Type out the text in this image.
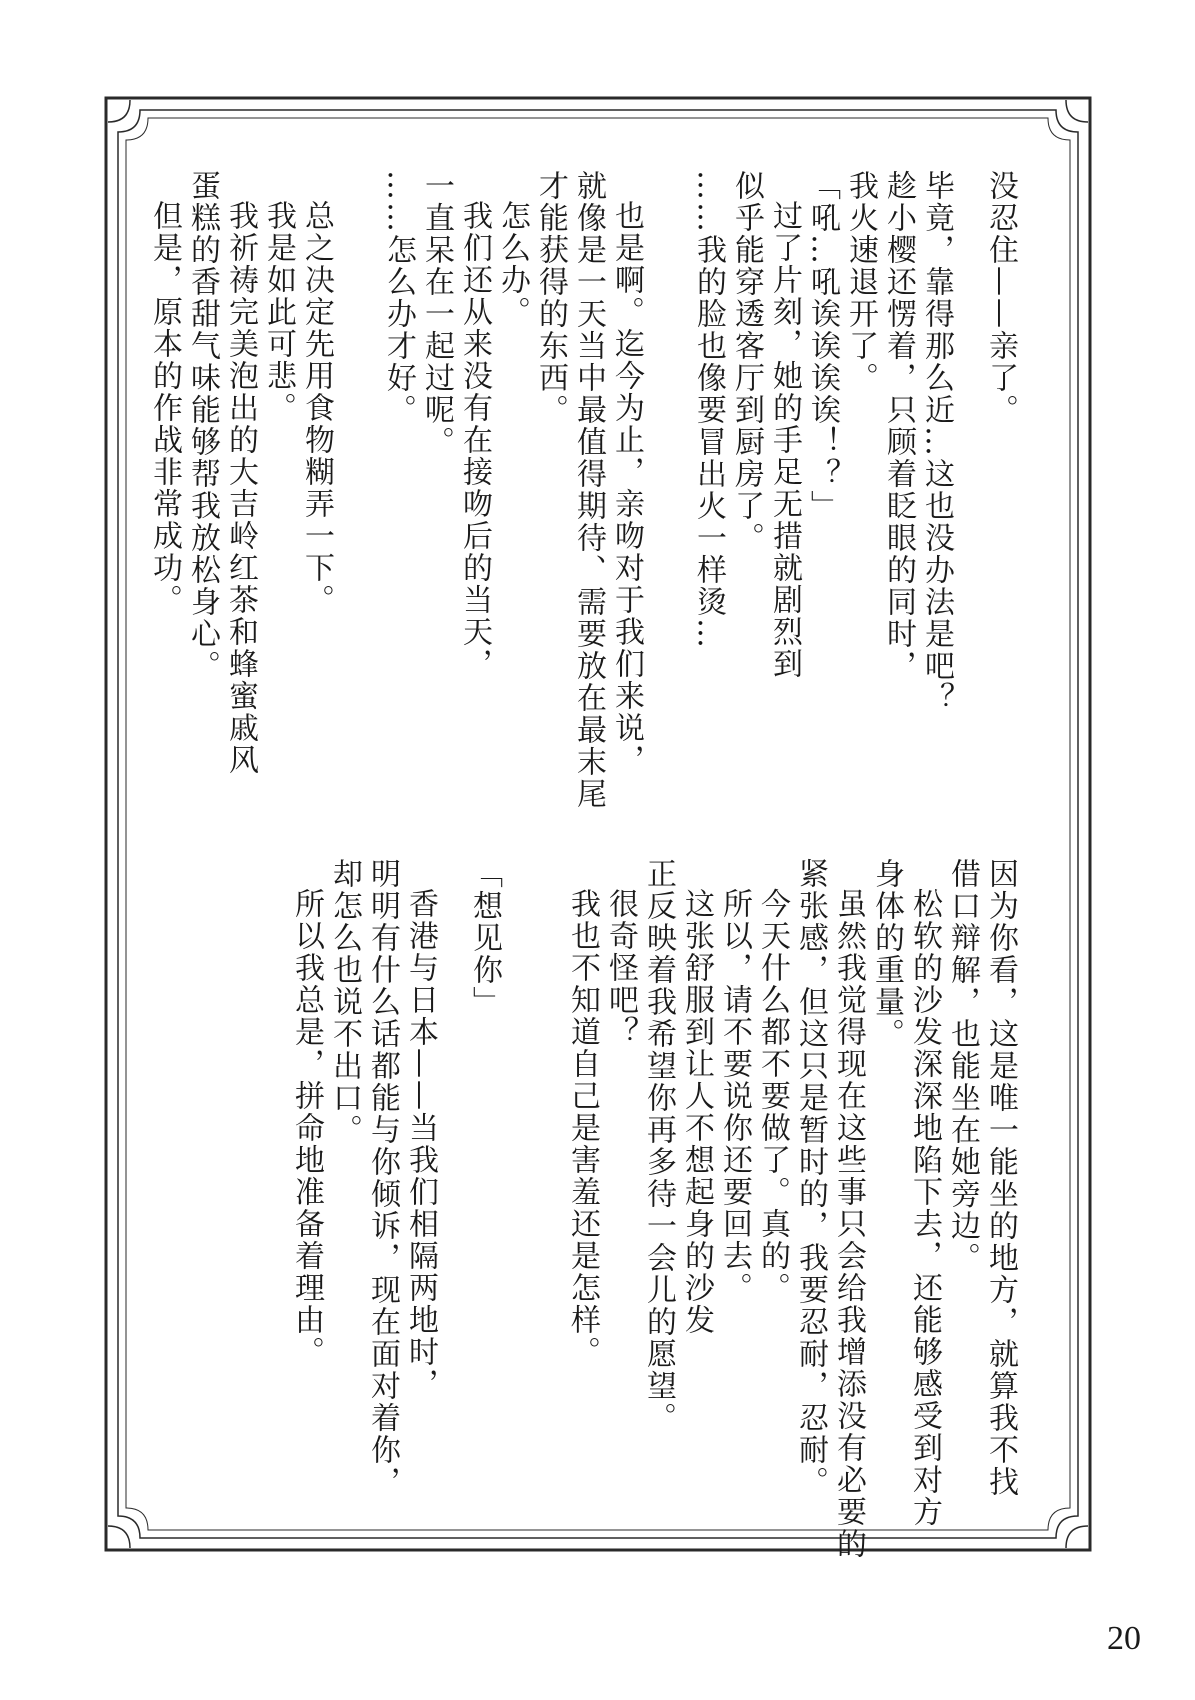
没忍住——亲了。
毕竟，靠得那么近…这也没办法是吧？
趁小樱还愣着，只顾着眨眼的同时，
我火速退开了。
「吼…吼诶诶诶诶！？」
过了片刻，她的手足无措就剧烈到
似乎能穿透客厅到厨房了。
……我的脸也像要冒出火一样烫…
也是啊。迄今为止，亲吻对于我们来说，
就像是一天当中最值得期待、需要放在最末尾
才能获得的东西。
怎么办。
我们还从来没有在接吻后的当天，
一直呆在一起过呢。
……怎么办才好。
总之决定先用食物糊弄一下。
我是如此可悲。
我祈祷完美泡出的大吉岭红茶和蜂蜜戚风
蛋糕的香甜气味能够帮我放松身心。
但是，原本的作战非常成功。
因为你看，这是唯一能坐的地方，就算我不找
借口辩解，也能坐在她旁边。
松软的沙发深深地陷下去，还能够感受到对方
身体的重量。
虽然我觉得现在这些事只会给我增添没有必要的
紧张感，但这只是暂时的，我要忍耐，忍耐。
今天什么都不要做了。真的。
所以，请不要说你还要回去。
这张舒服到让人不想起身的沙发
正反映着我希望你再多待一会儿的愿望。
很奇怪吧？
我也不知道自己是害羞还是怎样。
「想见你」
香港与日本——当我们相隔两地时，
明明有什么话都能与你倾诉，现在面对着你，
却怎么也说不出口。
所以我总是，拼命地准备着理由。
20
